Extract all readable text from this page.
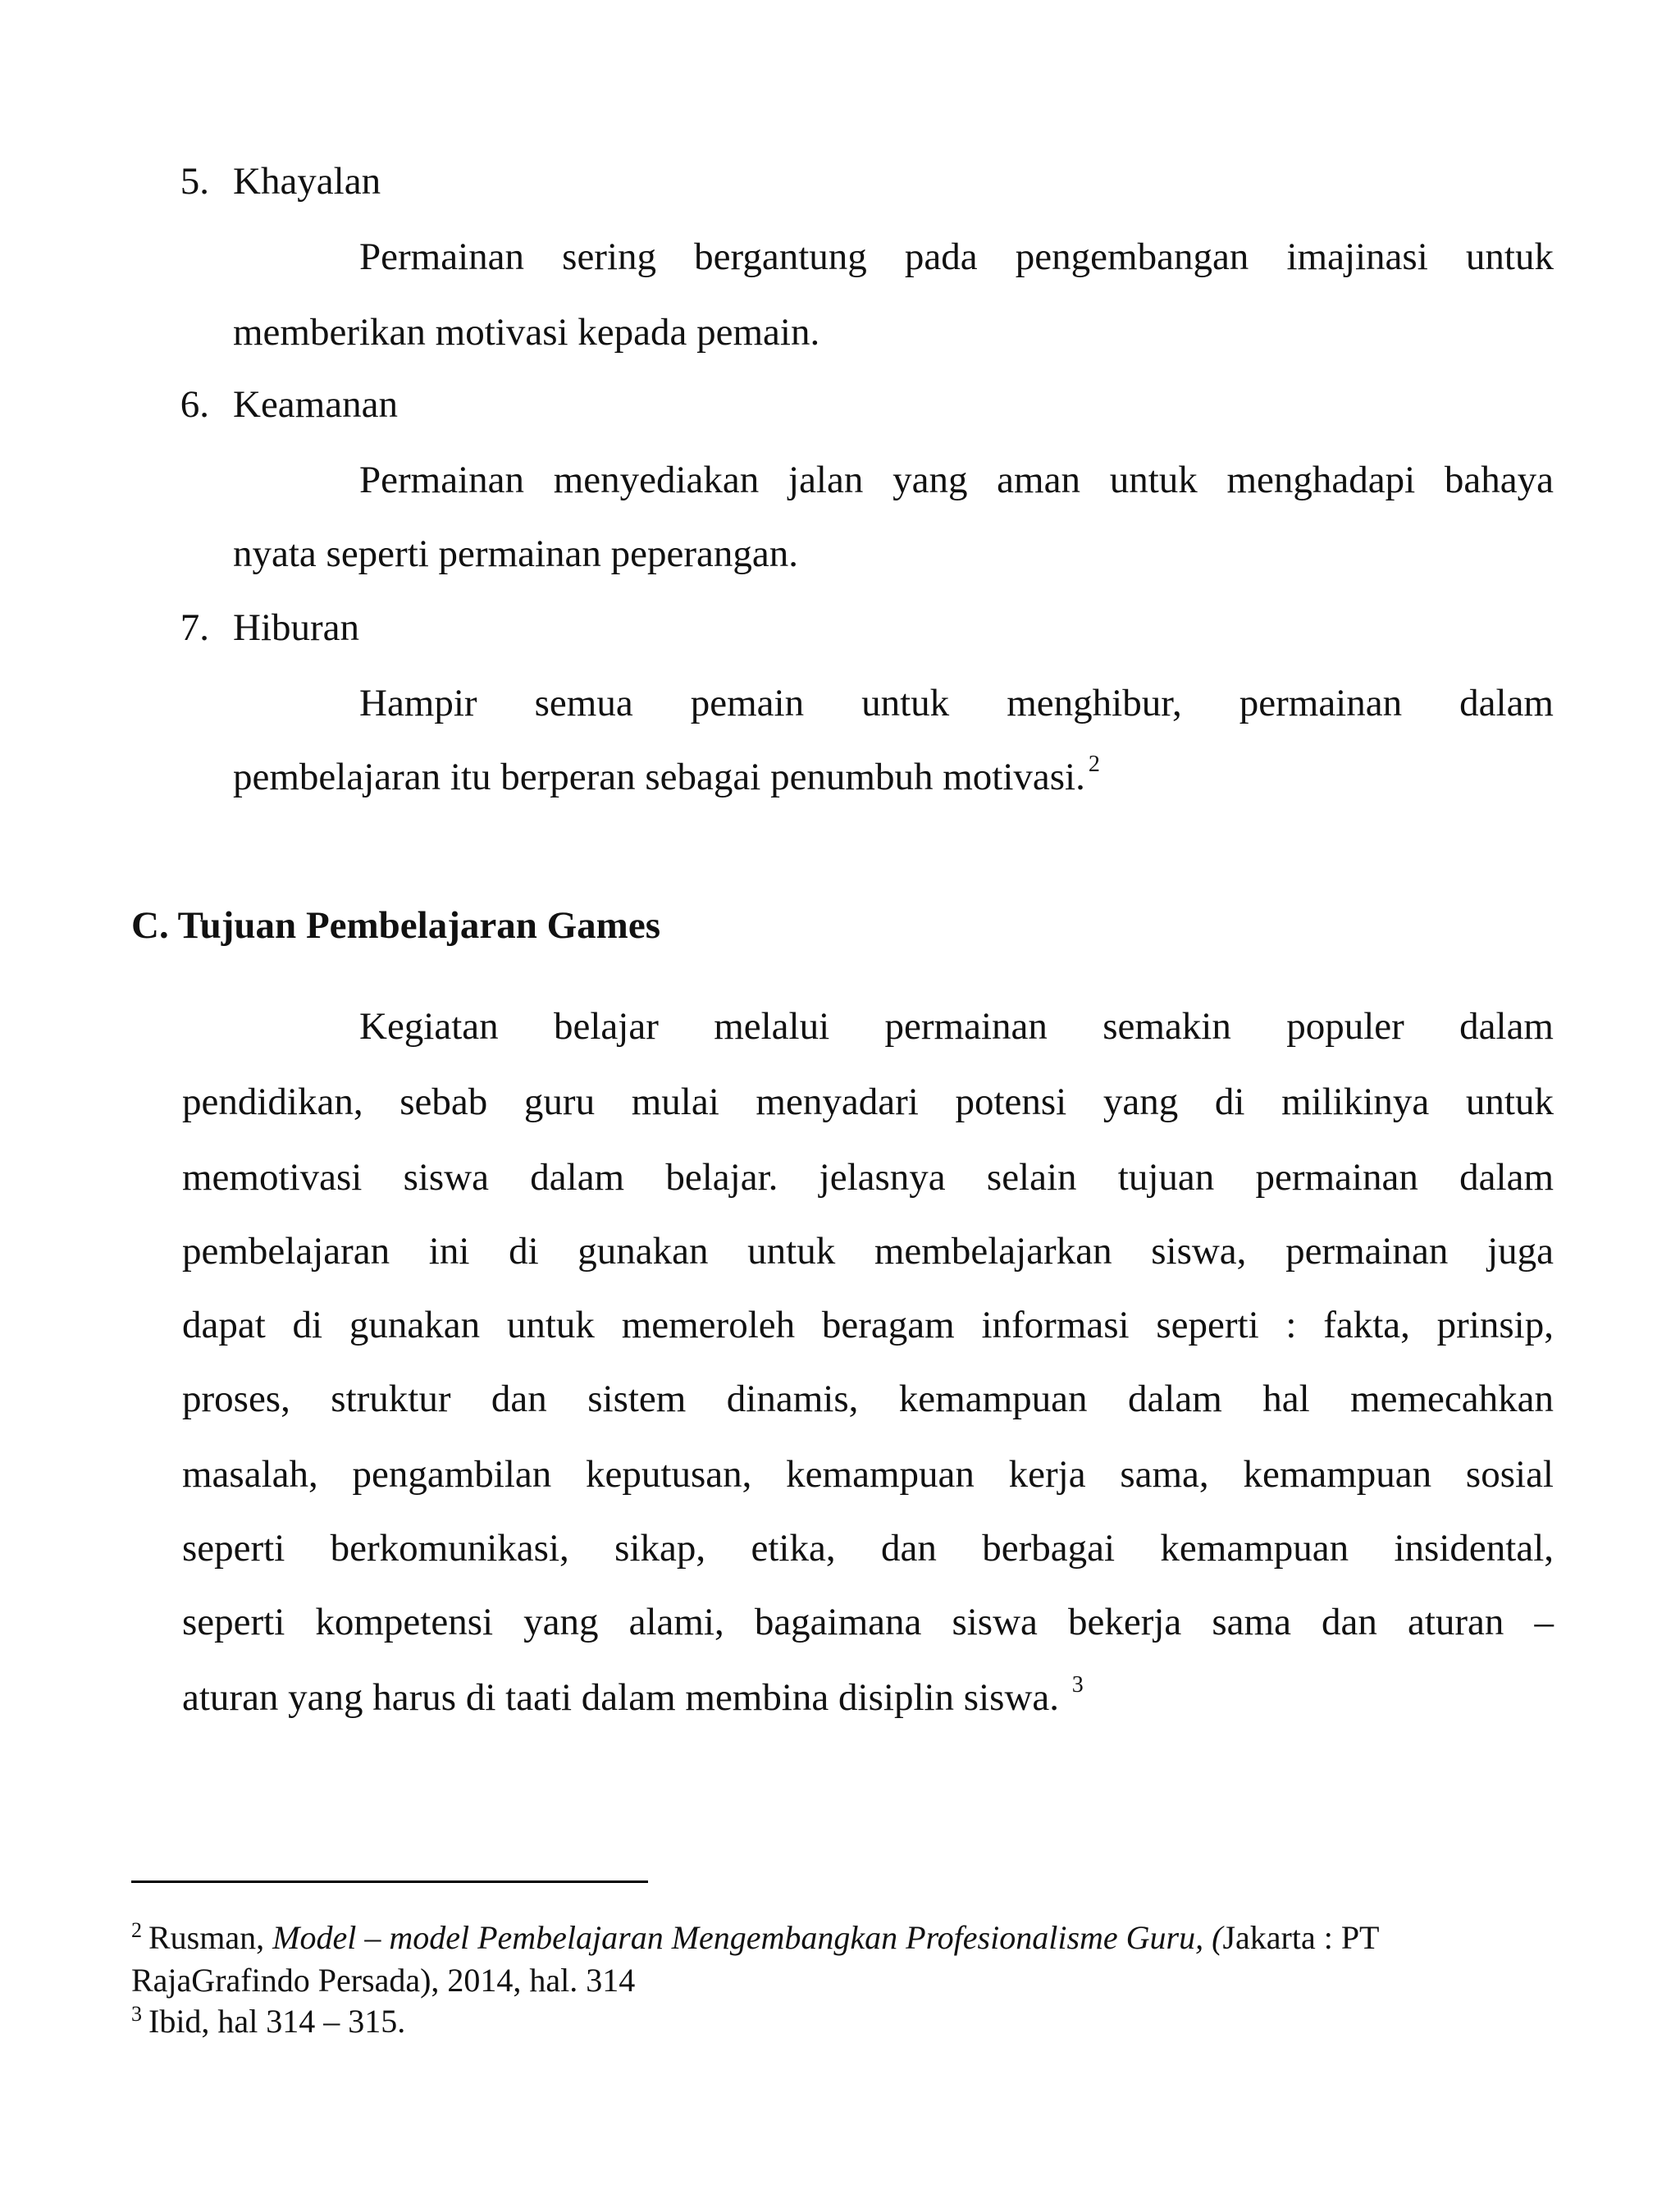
5. Khayalan
Permainan sering bergantung pada pengembangan imajinasi untuk
memberikan motivasi kepada pemain.
6. Keamanan
Permainan menyediakan jalan yang aman untuk menghadapi bahaya
nyata seperti permainan peperangan.
7. Hiburan
Hampir semua pemain untuk menghibur, permainan dalam
pembelajaran itu berperan sebagai penumbuh motivasi. $^2$
C. Tujuan Pembelajaran Games
Kegiatan belajar melalui permainan semakin populer dalam
pendidikan, sebab guru mulai menyadari potensi yang di milikinya untuk
memotivasi siswa dalam belajar. jelasnya selain tujuan permainan dalam
pembelajaran ini di gunakan untuk membelajarkan siswa, permainan juga
dapat di gunakan untuk memeroleh beragam informasi seperti : fakta, prinsip,
proses, struktur dan sistem dinamis, kemampuan dalam hal memecahkan
masalah, pengambilan keputusan, kemampuan kerja sama, kemampuan sosial
seperti berkomunikasi, sikap, etika, dan berbagai kemampuan insidental,
seperti kompetensi yang alami, bagaimana siswa bekerja sama dan aturan –
aturan yang harus di taati dalam membina disiplin siswa. $^3$
$^2$ Rusman, Model – model Pembelajaran Mengembangkan Profesionalisme Guru, (Jakarta : PT
RajaGrafindo Persada), 2014, hal. 314
$^3$ Ibid, hal 314 – 315.
